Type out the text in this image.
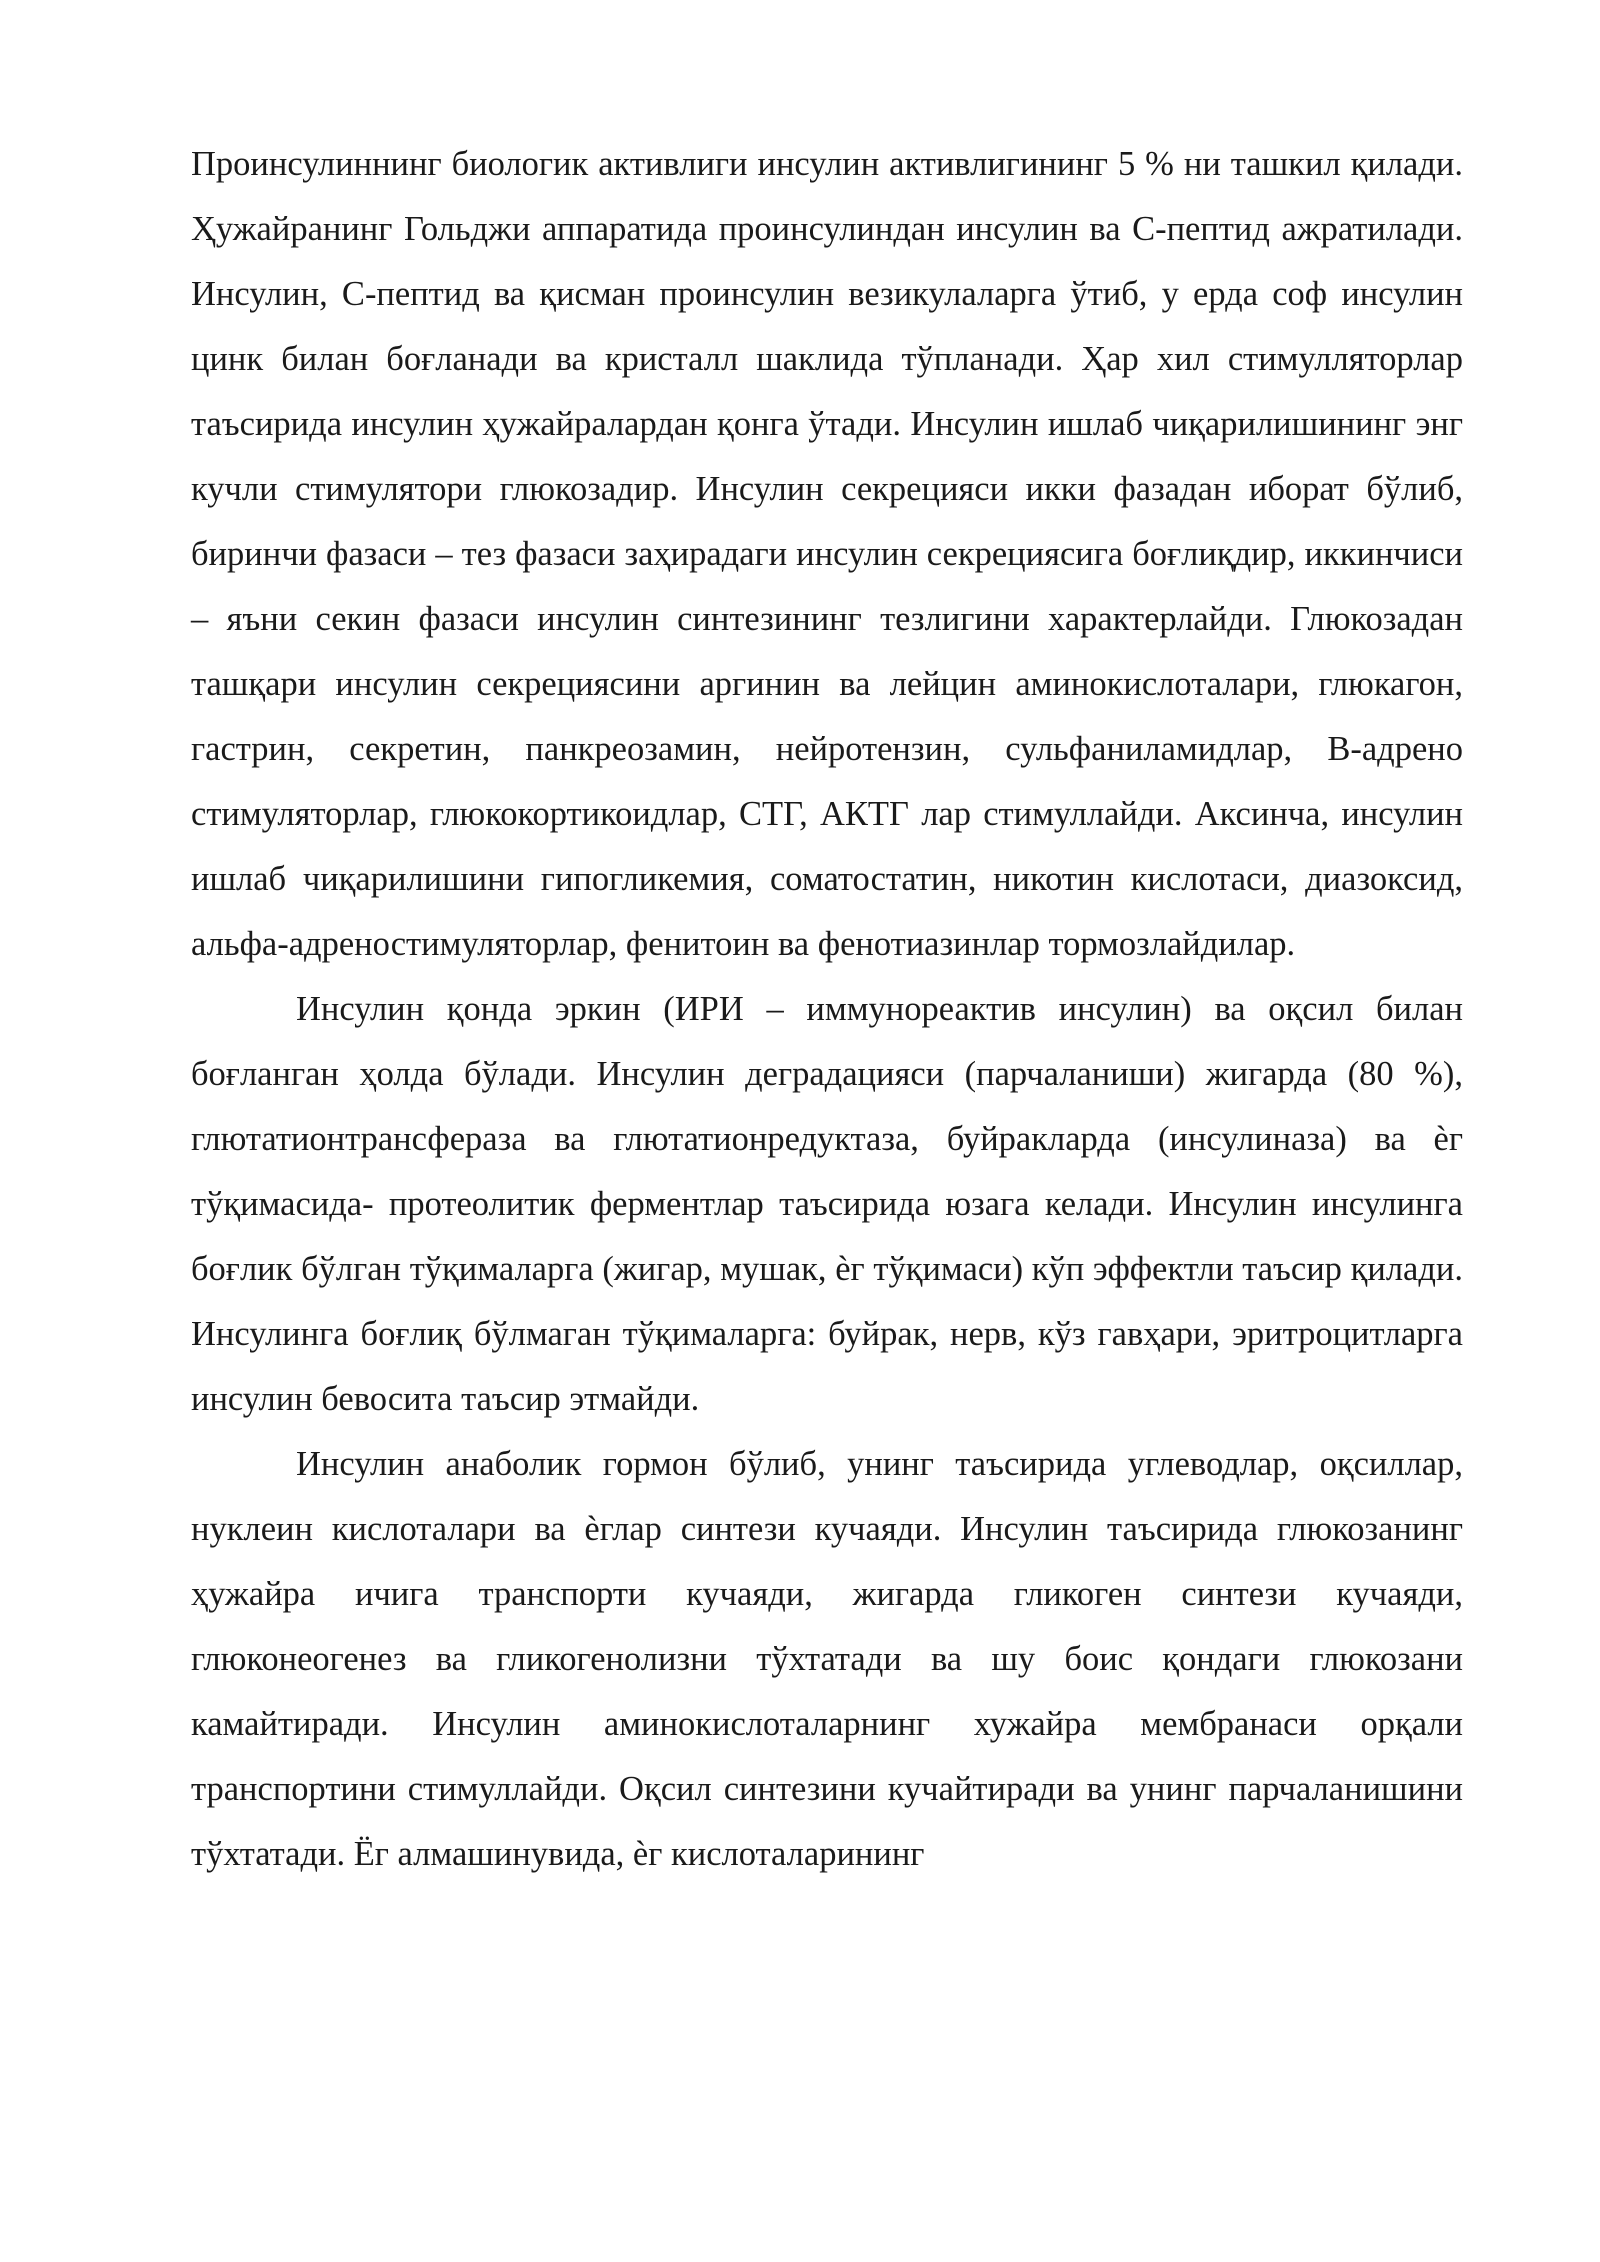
Проинсулиннинг биологик активлиги инсулин активлигининг 5 % ни ташкил қилади. Ҳужайранинг Гольджи аппаратида проинсулиндан инсулин ва С-пептид ажратилади. Инсулин, С-пептид ва қисман проинсулин везикулаларга ўтиб, у ерда соф инсулин цинк билан боғланади ва кристалл шаклида тўпланади. Ҳар хил стимулляторлар таъсирида инсулин ҳужайралардан қонга ўтади. Инсулин ишлаб чиқарилишининг энг кучли стимулятори глюкозадир. Инсулин секрецияси икки фазадан иборат бўлиб, биринчи фазаси – тез фазаси заҳирадаги инсулин секрециясига боғлиқдир, иккинчиси – яъни секин фазаси инсулин синтезининг тезлигини характерлайди. Глюкозадан ташқари инсулин секрециясини аргинин ва лейцин аминокислоталари, глюкагон, гастрин, секретин, панкреозамин, нейротензин, сульфаниламидлар, В-адрено стимуляторлар, глюкокортикоидлар, СТГ, АКТГ лар стимуллайди. Аксинча, инсулин ишлаб чиқарилишини гипогликемия, соматостатин, никотин кислотаси, диазоксид, альфа-адреностимуляторлар, фенитоин ва фенотиазинлар тормозлайдилар.

Инсулин қонда эркин (ИРИ – иммунореактив инсулин) ва оқсил билан боғланган ҳолда бўлади. Инсулин деградацияси (парчаланиши) жигарда (80 %), глютатионтрансфераза ва глютатионредуктаза, буйракларда (инсулиназа) ва ѐг тўқимасида- протеолитик ферментлар таъсирида юзага келади. Инсулин инсулинга боғлик бўлган тўқималарга (жигар, мушак, ѐг тўқимаси) кўп эффектли таъсир қилади. Инсулинга боғлиқ бўлмаган тўқималарга: буйрак, нерв, кўз гавҳари, эритроцитларга инсулин бевосита таъсир этмайди.

Инсулин анаболик гормон бўлиб, унинг таъсирида углеводлар, оқсиллар, нуклеин кислоталари ва ѐглар синтези кучаяди. Инсулин таъсирида глюкозанинг ҳужайра ичига транспорти кучаяди, жигарда гликоген синтези кучаяди, глюконеогенез ва гликогенолизни тўхтатади ва шу боис қондаги глюкозани камайтиради. Инсулин аминокислоталарнинг хужайра мембранаси орқали транспортини стимуллайди. Оқсил синтезини кучайтиради ва унинг парчаланишини тўхтатади. Ёг алмашинувида, ѐг кислоталарининг
